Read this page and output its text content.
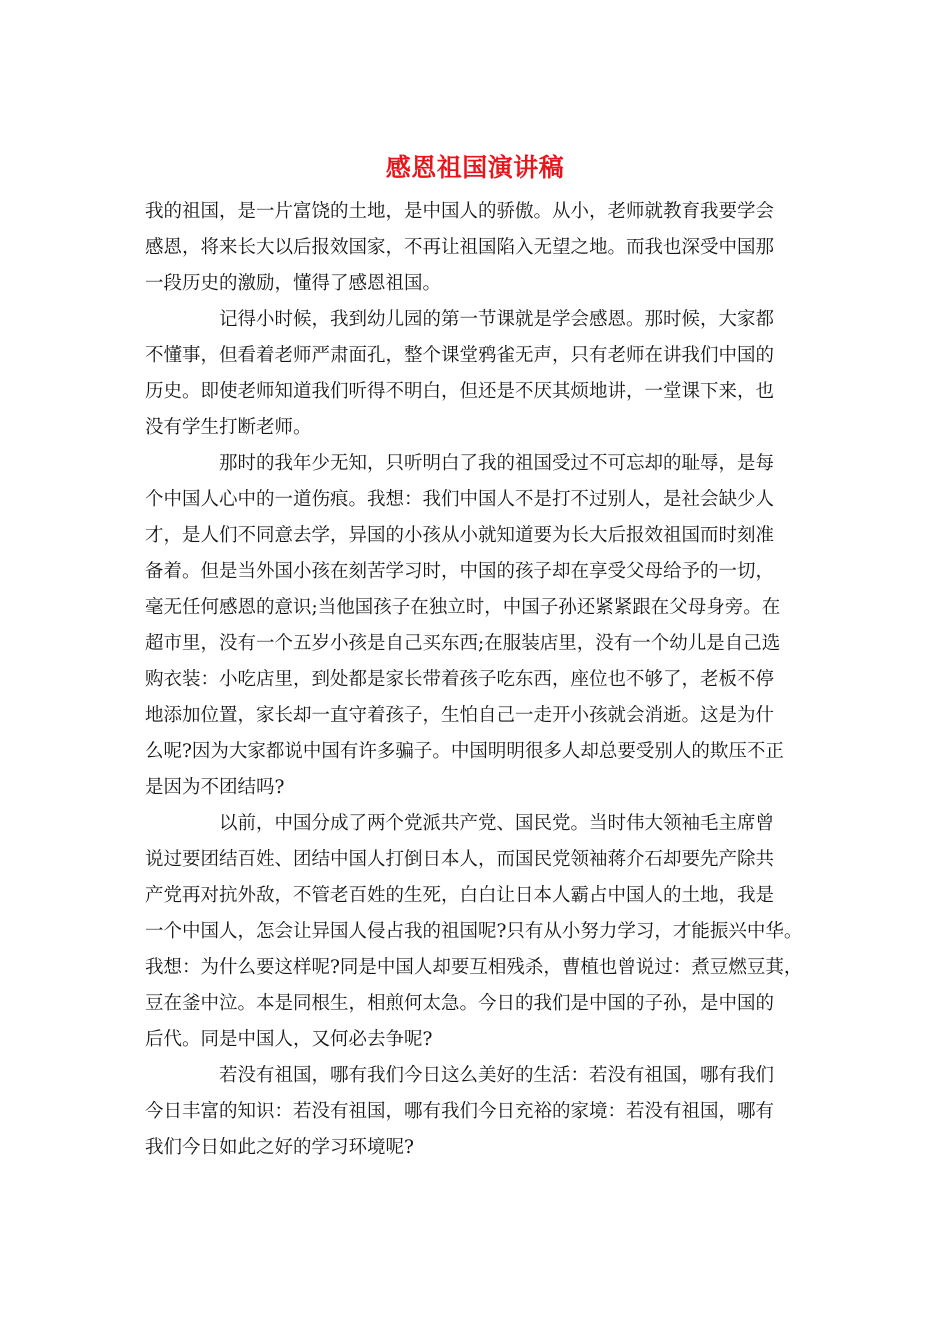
感恩祖国演讲稿
我的祖国，是一片富饶的土地，是中国人的骄傲。从小，老师就教育我要学会
感恩，将来长大以后报效国家，不再让祖国陷入无望之地。而我也深受中国那
一段历史的激励，懂得了感恩祖国。
记得小时候，我到幼儿园的第一节课就是学会感恩。那时候，大家都
不懂事，但看着老师严肃面孔，整个课堂鸦雀无声，只有老师在讲我们中国的
历史。即使老师知道我们听得不明白，但还是不厌其烦地讲，一堂课下来，也
没有学生打断老师。
那时的我年少无知，只听明白了我的祖国受过不可忘却的耻辱，是每
个中国人心中的一道伤痕。我想：我们中国人不是打不过别人，是社会缺少人
才，是人们不同意去学，异国的小孩从小就知道要为长大后报效祖国而时刻准
备着。但是当外国小孩在刻苦学习时，中国的孩子却在享受父母给予的一切，
毫无任何感恩的意识;当他国孩子在独立时，中国子孙还紧紧跟在父母身旁。在
超市里，没有一个五岁小孩是自己买东西;在服装店里，没有一个幼儿是自己选
购衣装：小吃店里，到处都是家长带着孩子吃东西，座位也不够了，老板不停
地添加位置，家长却一直守着孩子，生怕自己一走开小孩就会消逝。这是为什
么呢?因为大家都说中国有许多骗子。中国明明很多人却总要受别人的欺压不正
是因为不团结吗?
以前，中国分成了两个党派共产党、国民党。当时伟大领袖毛主席曾
说过要团结百姓、团结中国人打倒日本人，而国民党领袖蒋介石却要先产除共
产党再对抗外敌，不管老百姓的生死，白白让日本人霸占中国人的土地，我是
一个中国人，怎会让异国人侵占我的祖国呢?只有从小努力学习，才能振兴中华。
我想：为什么要这样呢?同是中国人却要互相残杀，曹植也曾说过：煮豆燃豆萁，
豆在釜中泣。本是同根生，相煎何太急。今日的我们是中国的子孙，是中国的
后代。同是中国人，又何必去争呢?
若没有祖国，哪有我们今日这么美好的生活：若没有祖国，哪有我们
今日丰富的知识：若没有祖国，哪有我们今日充裕的家境：若没有祖国，哪有
我们今日如此之好的学习环境呢?
